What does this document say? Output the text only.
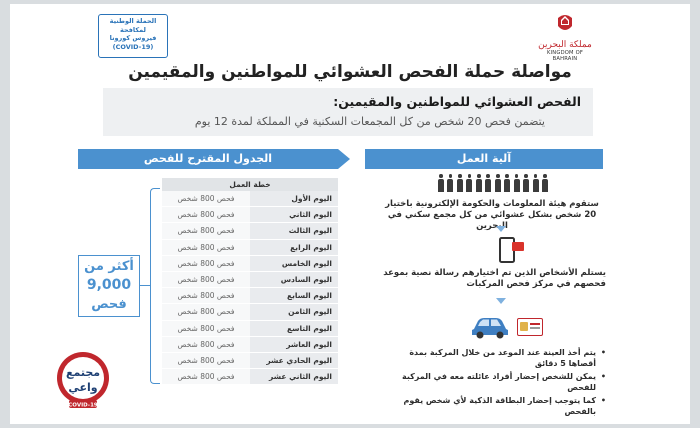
الحملة الوطنية
لمكافحة
فيروس كورونا
(COVID-19)	مملكة البحرين
KINGDOM OF BAHRAIN
مواصلة حملة الفحص العشوائي للمواطنين والمقيمين
الفحص العشوائي للمواطنين والمقيمين:

يتضمن فحص 20 شخص من كل المجمعات السكنية في المملكة لمدة 12 يوم

آلية العمل
الجدول المقترح للفحص
خطة العمل
اليوم الأول
فحص 800 شخص
اليوم الثاني
فحص 800 شخص
اليوم الثالث
فحص 800 شخص
اليوم الرابع
فحص 800 شخص
اليوم الخامس
فحص 800 شخص
اليوم السادس
فحص 800 شخص
اليوم السابع
فحص 800 شخص
اليوم الثامن
فحص 800 شخص
اليوم التاسع
فحص 800 شخص
اليوم العاشر
فحص 800 شخص
اليوم الحادي عشر
فحص 800 شخص
اليوم الثاني عشر
فحص 800 شخص
أكثر من
9,000
فحص
مجتمع
واعي
COVID-19
ستقوم هيئة المعلومات والحكومة الإلكترونية باختيار 20 شخص بشكل عشوائي من كل مجمع سكني في البحرين
يستلم الأشخاص الذين تم اختيارهم رسالة نصية بموعد فحصهم في مركز فحص المركبات
• يتم أخذ العينة عند الموعد من خلال المركبة بمدة أقصاها 5 دقائق
• يمكن للشخص إحضار أفراد عائلته معه في المركبة للفحص
• كما يتوجب إحضار البطاقة الذكية لأي شخص يقوم بالفحص
